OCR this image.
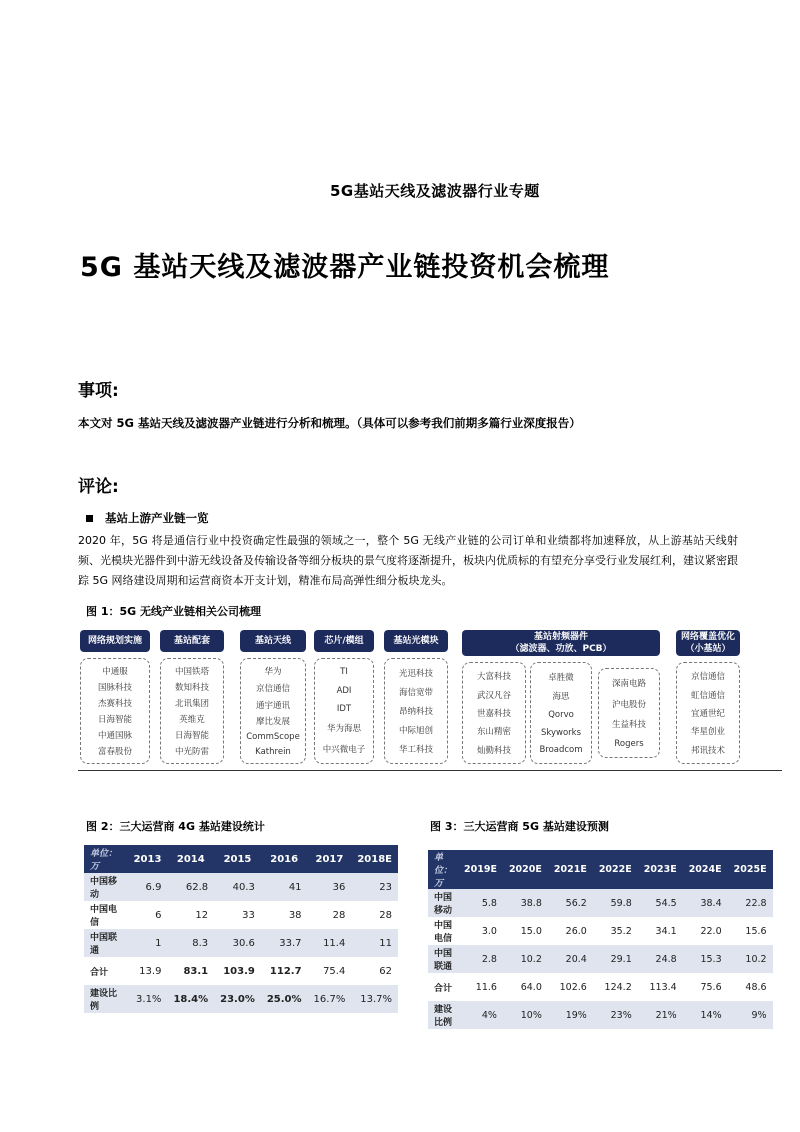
5G基站天线及滤波器行业专题
5G 基站天线及滤波器产业链投资机会梳理
事项:
本文对 5G 基站天线及滤波器产业链进行分析和梳理。（具体可以参考我们前期多篇行业深度报告）
评论:
基站上游产业链一览
2020 年，5G 将是通信行业中投资确定性最强的领域之一，整个 5G 无线产业链的公司订单和业绩都将加速释放，从上游基站天线射频、光模块光器件到中游无线设备及传输设备等细分板块的景气度将逐渐提升，板块内优质标的有望充分享受行业发展红利，建议紧密跟踪 5G 网络建设周期和运营商资本开支计划，精准布局高弹性细分板块龙头。
图 1：5G 无线产业链相关公司梳理
网络规划实施
中通服
国脉科技
杰赛科技
日海智能
中通国脉
富春股份
基站配套
中国铁塔
数知科技
北讯集团
英维克
日海智能
中光防雷
基站天线
华为
京信通信
通宇通讯
摩比发展
CommScope
Kathrein
芯片/模组
TI
ADI
IDT
华为海思
中兴微电子
基站光模块
光迅科技
海信宽带
昂纳科技
中际旭创
华工科技
基站射频器件
（滤波器、功放、PCB）
大富科技
武汉凡谷
世嘉科技
东山精密
灿勤科技
卓胜微
海思
Qorvo
Skyworks
Broadcom
深南电路
沪电股份
生益科技
Rogers
网络覆盖优化
（小基站）
京信通信
虹信通信
宜通世纪
华星创业
邦讯技术
图 2：三大运营商 4G 基站建设统计
单位：万	2013	2014	2015	2016	2017	2018E
中国移动	6.9	62.8	40.3	41	36	23
中国电信	6	12	33	38	28	28
中国联通	1	8.3	30.6	33.7	11.4	11
合计	13.9	83.1	103.9	112.7	75.4	62
建设比例	3.1%	18.4%	23.0%	25.0%	16.7%	13.7%
图 3：三大运营商 5G 基站建设预测
单位：万	2019E	2020E	2021E	2022E	2023E	2024E	2025E
中国移动	5.8	38.8	56.2	59.8	54.5	38.4	22.8
中国电信	3.0	15.0	26.0	35.2	34.1	22.0	15.6
中国联通	2.8	10.2	20.4	29.1	24.8	15.3	10.2
合计	11.6	64.0	102.6	124.2	113.4	75.6	48.6
建设比例	4%	10%	19%	23%	21%	14%	9%
